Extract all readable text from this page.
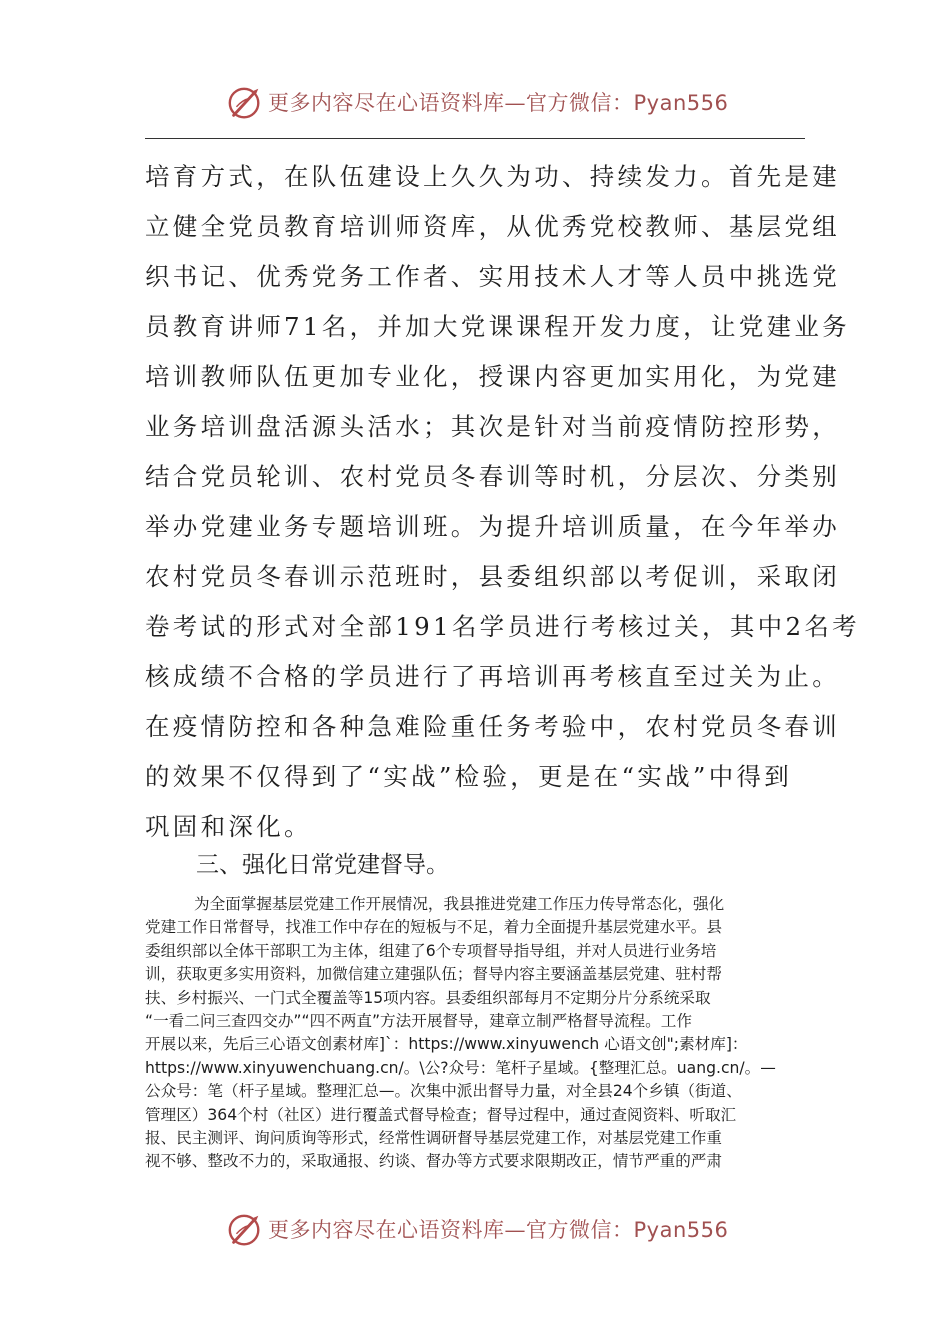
更多内容尽在心语资料库—官方微信：Pyan556
培育方式，在队伍建设上久久为功、持续发力。首先是建
立健全党员教育培训师资库，从优秀党校教师、基层党组
织书记、优秀党务工作者、实用技术人才等人员中挑选党
员教育讲师71名，并加大党课课程开发力度，让党建业务
培训教师队伍更加专业化，授课内容更加实用化，为党建
业务培训盘活源头活水；其次是针对当前疫情防控形势，
结合党员轮训、农村党员冬春训等时机，分层次、分类别
举办党建业务专题培训班。为提升培训质量，在今年举办
农村党员冬春训示范班时，县委组织部以考促训，采取闭
卷考试的形式对全部191名学员进行考核过关，其中2名考
核成绩不合格的学员进行了再培训再考核直至过关为止。
在疫情防控和各种急难险重任务考验中，农村党员冬春训
的效果不仅得到了“实战”检验，更是在“实战”中得到
巩固和深化。
三、强化日常党建督导。
为全面掌握基层党建工作开展情况，我县推进党建工作压力传导常态化，强化
党建工作日常督导，找准工作中存在的短板与不足，着力全面提升基层党建水平。县
委组织部以全体干部职工为主体，组建了6个专项督导指导组，并对人员进行业务培
训，获取更多实用资料，加微信建立建强队伍；督导内容主要涵盖基层党建、驻村帮
扶、乡村振兴、一门式全覆盖等15项内容。县委组织部每月不定期分片分系统采取
“一看二问三查四交办”“四不两直”方法开展督导，建章立制严格督导流程。工作
开展以来，先后三心语文创素材库]`：https://www.xinyuwench 心语文创";素材库]：
https://www.xinyuwenchuang.cn/。\公?众号：笔杆子星域。{整理汇总。uang.cn/。—
公众号：笔（杆子星域。整理汇总—。次集中派出督导力量，对全县24个乡镇（街道、
管理区）364个村（社区）进行覆盖式督导检查；督导过程中，通过查阅资料、听取汇
报、民主测评、询问质询等形式，经常性调研督导基层党建工作，对基层党建工作重
视不够、整改不力的，采取通报、约谈、督办等方式要求限期改正，情节严重的严肃
更多内容尽在心语资料库—官方微信：Pyan556
